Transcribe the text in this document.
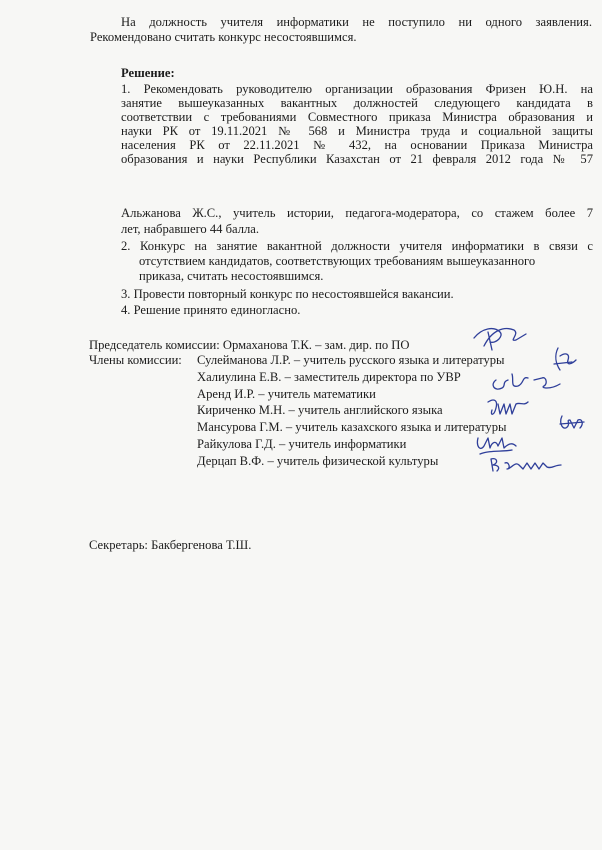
На должность учителя информатики не поступило ни одного заявления.

Рекомендовано считать конкурс несостоявшимся.

Решение:

1. Рекомендовать руководителю организации образования Фризен Ю.Н. на

занятие вышеуказанных вакантных должностей следующего кандидата в

соответствии с требованиями Совместного приказа Министра образования и

науки РК от 19.11.2021 № 568 и Министра труда и социальной защиты

населения РК от 22.11.2021 № 432, на основании Приказа Министра

образования и науки Республики Казахстан от 21 февраля 2012 года № 57

Альжанова Ж.С., учитель истории, педагога-модератора, со стажем более 7

лет, набравшего 44 балла.

2. Конкурс на занятие вакантной должности учителя информатики в связи с

отсутствием кандидатов, соответствующих требованиям вышеуказанного

приказа, считать несостоявшимся.

3. Провести повторный конкурс по несостоявшейся вакансии.

4. Решение принято единогласно.

Председатель комиссии: Ормаханова Т.К. – зам. дир. по ПО

Члены комиссии: Сулейманова Л.Р. – учитель русского языка и литературы

Халиулина Е.В. – заместитель директора по УВР

Аренд И.Р. – учитель математики

Кириченко М.Н. – учитель английского языка

Мансурова Г.М. – учитель казахского языка и литературы

Райкулова Г.Д. – учитель информатики

Дерцап В.Ф. – учитель физической культуры

Секретарь: Бакбергенова Т.Ш.
